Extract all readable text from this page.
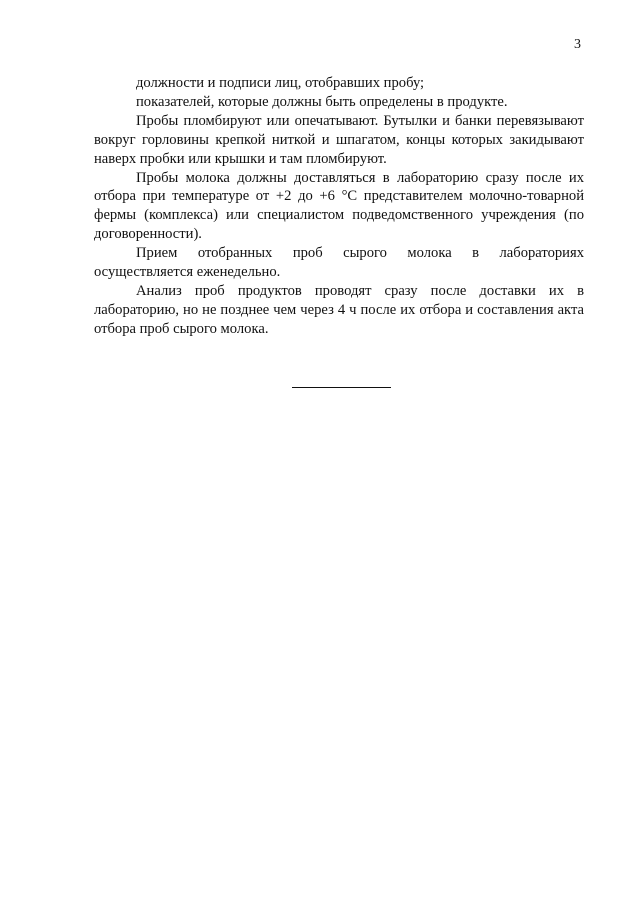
3

должности и подписи лиц, отобравших пробу;

показателей, которые должны быть определены в продукте.

Пробы пломбируют или опечатывают. Бутылки и банки перевязывают вокруг горловины крепкой ниткой и шпагатом, концы которых закидывают наверх пробки или крышки и там пломбируют.

Пробы молока должны доставляться в лабораторию сразу после их отбора при температуре от +2 до +6 °С представителем молочно-товарной фермы (комплекса) или специалистом подведомственного учреждения (по договоренности).

Прием отобранных проб сырого молока в лабораториях осуществляется еженедельно.

Анализ проб продуктов проводят сразу после доставки их в лабораторию, но не позднее чем через 4 ч после их отбора и составления акта отбора проб сырого молока.
